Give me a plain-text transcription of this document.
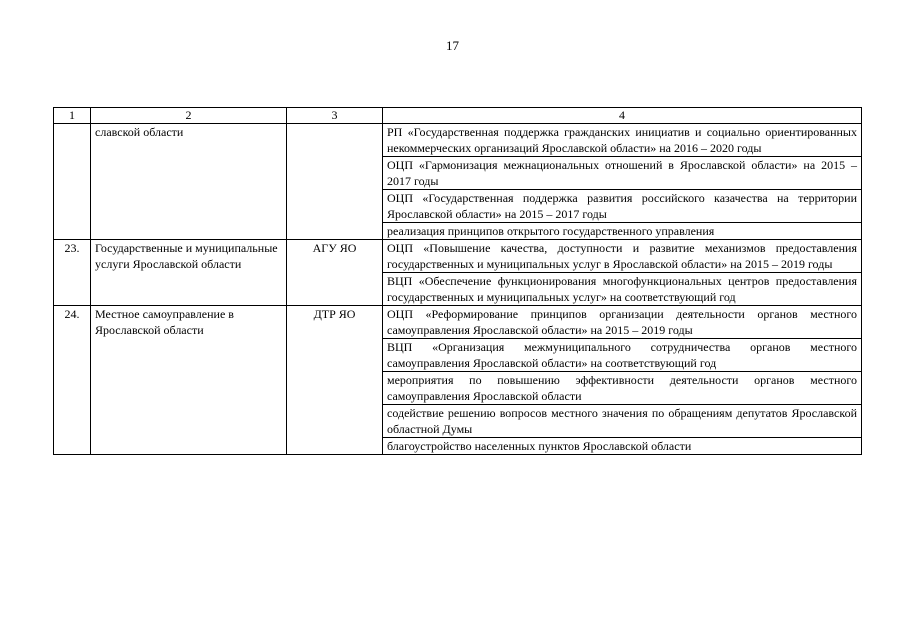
17
1	2	3	4
	славской области		РП «Государственная поддержка гражданских инициатив и социально ориентированных некоммерческих организаций Ярославской области» на 2016 – 2020 годы
			ОЦП «Гармонизация межнациональных отношений в Ярославской области» на 2015 – 2017 годы
			ОЦП «Государственная поддержка развития российского казачества на территории Ярославской области» на 2015 – 2017 годы
			реализация принципов открытого государственного управления
23.	Государственные и муниципальные услуги Ярославской области	АГУ ЯО	ОЦП «Повышение качества, доступности и развитие механизмов предоставления государственных и муниципальных услуг в Ярославской области» на 2015 – 2019 годы
			ВЦП «Обеспечение функционирования многофункциональных центров предоставления государственных и муниципальных услуг» на соответствующий год
24.	Местное самоуправление в Ярославской области	ДТР ЯО	ОЦП «Реформирование принципов организации деятельности органов местного самоуправления Ярославской области» на 2015 – 2019 годы
			ВЦП «Организация межмуниципального сотрудничества органов местного самоуправления Ярославской области» на соответствующий год
			мероприятия по повышению эффективности деятельности органов местного самоуправления Ярославской области
			содействие решению вопросов местного значения по обращениям депутатов Ярославской областной Думы
			благоустройство населенных пунктов Ярославской области
